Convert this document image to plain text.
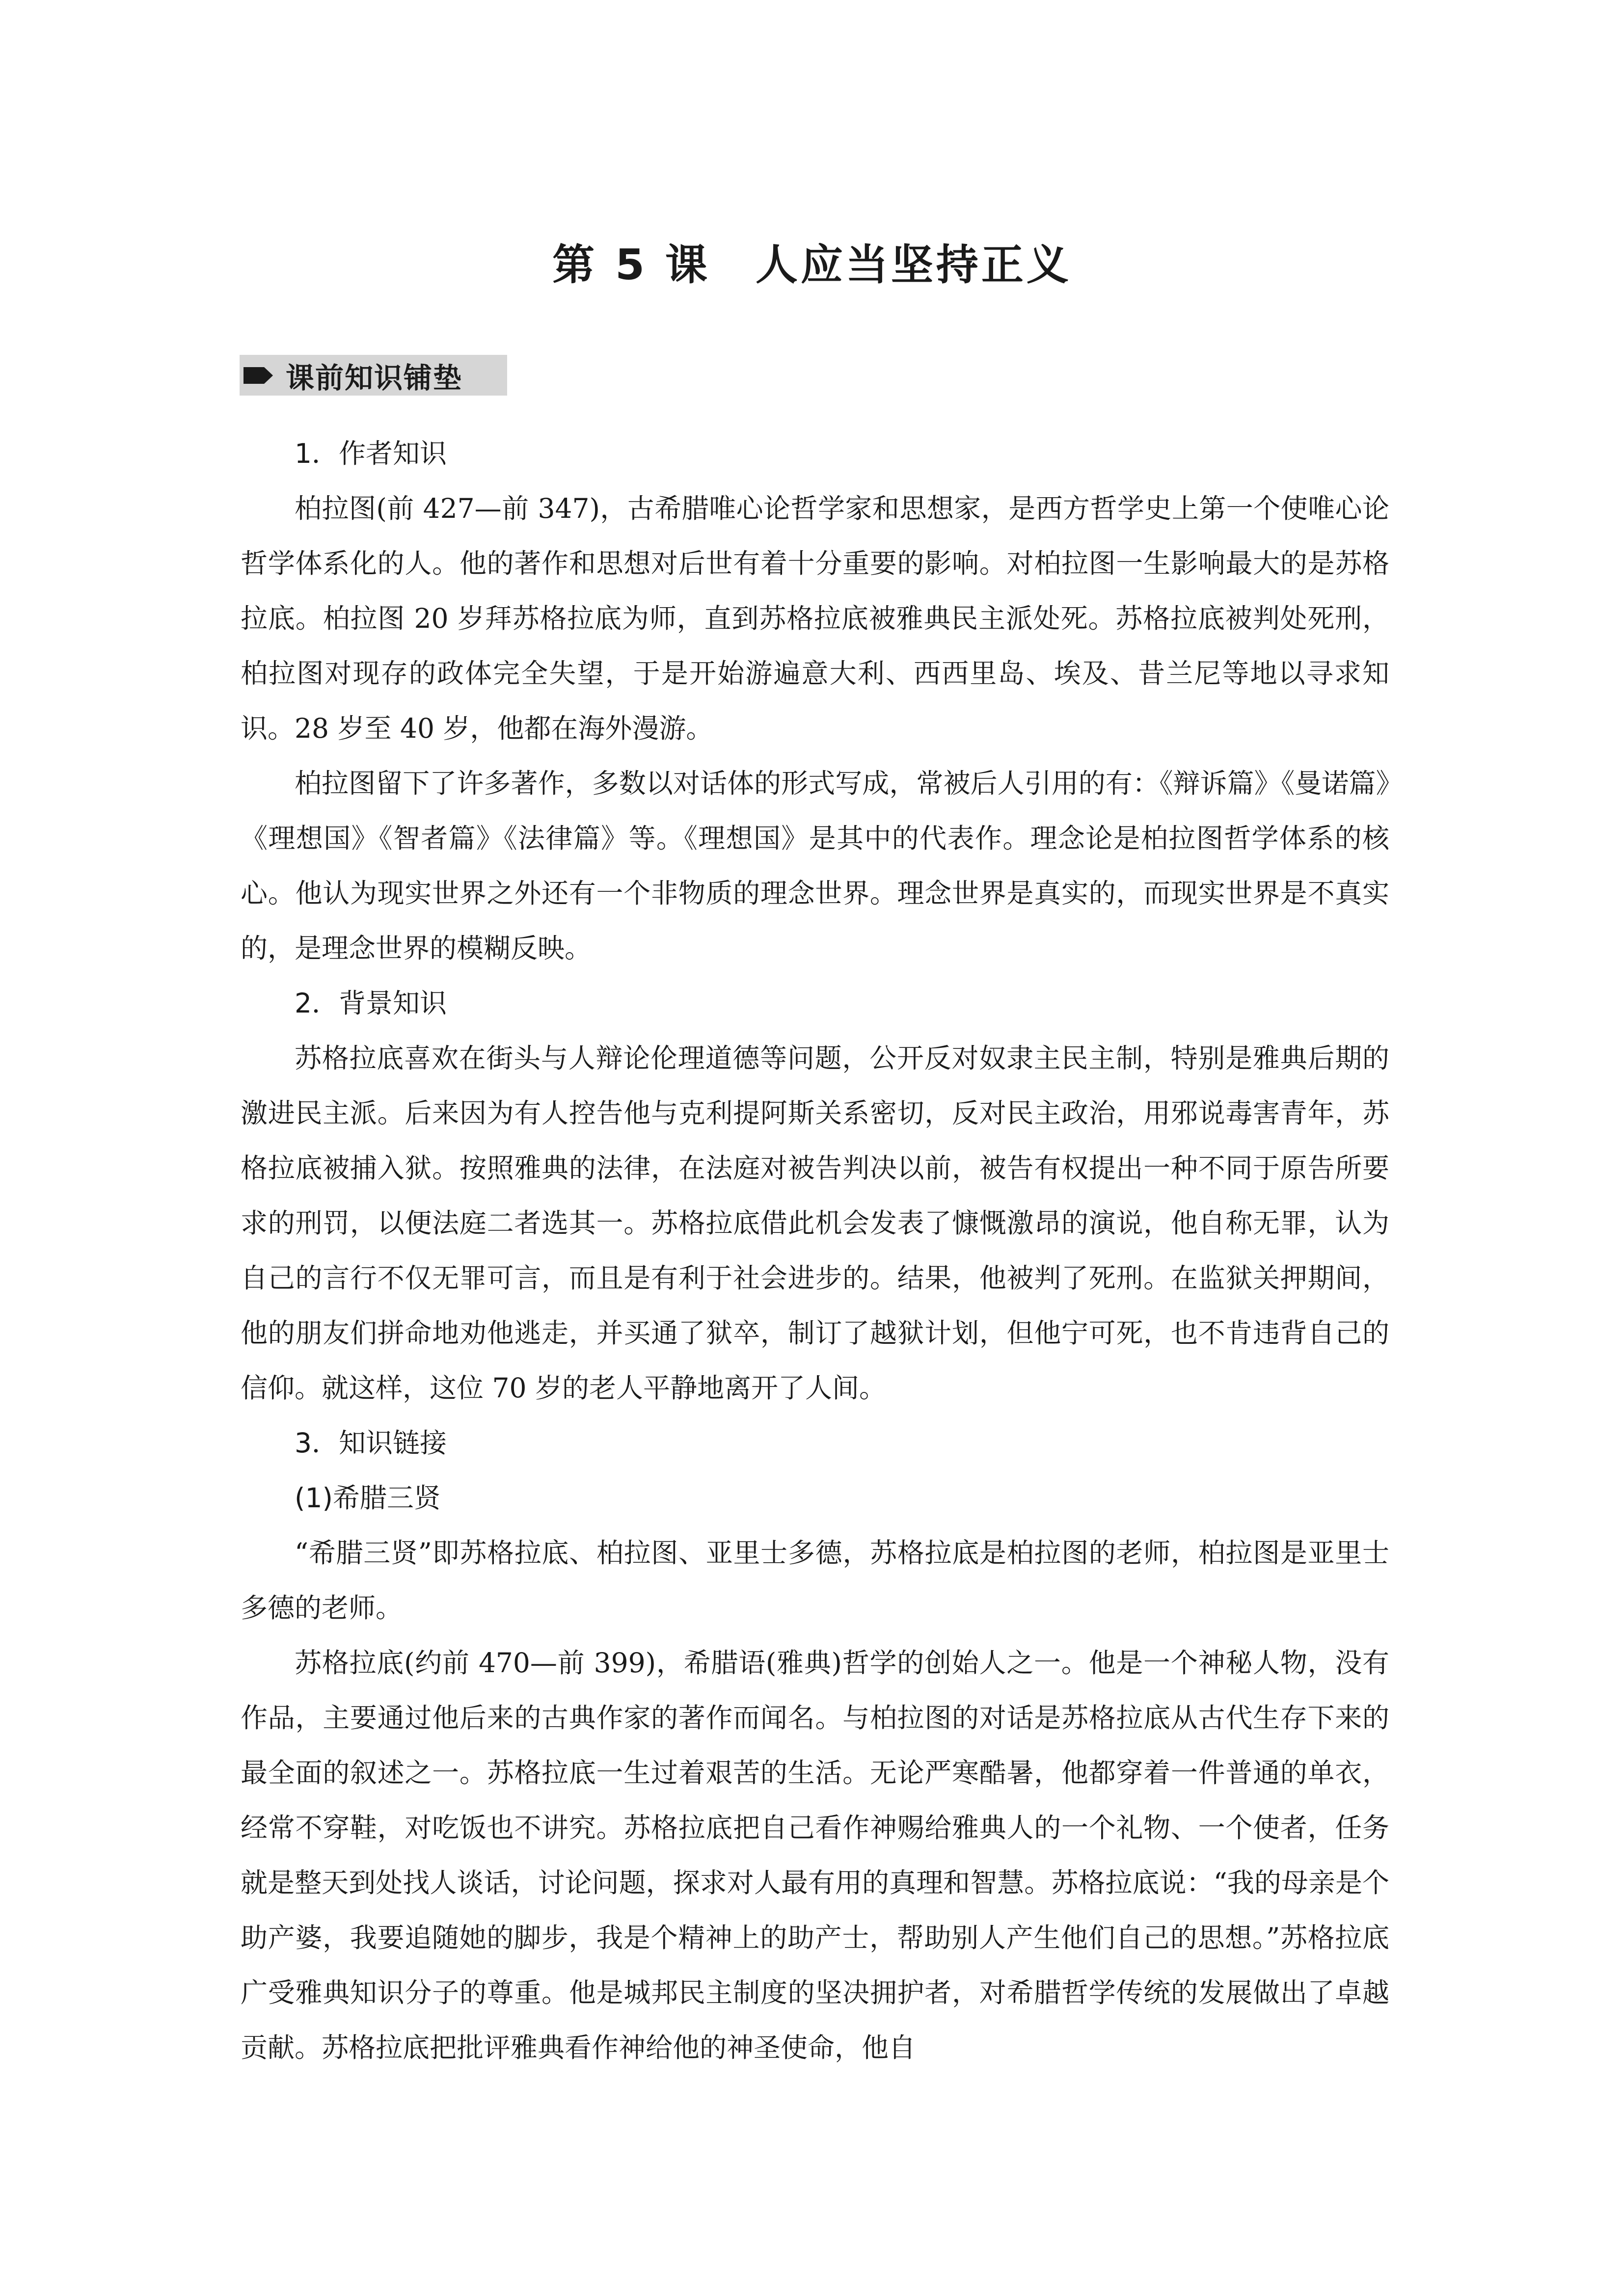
第 5 课　人应当坚持正义
课前知识铺垫

1．作者知识

柏拉图(前 427—前 347)，古希腊唯心论哲学家和思想家，是西方哲学史上第一个使唯心论哲学体系化的人。他的著作和思想对后世有着十分重要的影响。对柏拉图一生影响最大的是苏格拉底。柏拉图 20 岁拜苏格拉底为师，直到苏格拉底被雅典民主派处死。苏格拉底被判处死刑，柏拉图对现存的政体完全失望，于是开始游遍意大利、西西里岛、埃及、昔兰尼等地以寻求知识。28 岁至 40 岁，他都在海外漫游。

柏拉图留下了许多著作，多数以对话体的形式写成，常被后人引用的有：《辩诉篇》《曼诺篇》《理想国》《智者篇》《法律篇》等。《理想国》是其中的代表作。理念论是柏拉图哲学体系的核心。他认为现实世界之外还有一个非物质的理念世界。理念世界是真实的，而现实世界是不真实的，是理念世界的模糊反映。

2．背景知识

苏格拉底喜欢在街头与人辩论伦理道德等问题，公开反对奴隶主民主制，特别是雅典后期的激进民主派。后来因为有人控告他与克利提阿斯关系密切，反对民主政治，用邪说毒害青年，苏格拉底被捕入狱。按照雅典的法律，在法庭对被告判决以前，被告有权提出一种不同于原告所要求的刑罚，以便法庭二者选其一。苏格拉底借此机会发表了慷慨激昂的演说，他自称无罪，认为自己的言行不仅无罪可言，而且是有利于社会进步的。结果，他被判了死刑。在监狱关押期间，他的朋友们拼命地劝他逃走，并买通了狱卒，制订了越狱计划，但他宁可死，也不肯违背自己的信仰。就这样，这位 70 岁的老人平静地离开了人间。

3．知识链接

(1)希腊三贤

“希腊三贤”即苏格拉底、柏拉图、亚里士多德，苏格拉底是柏拉图的老师，柏拉图是亚里士多德的老师。

苏格拉底(约前 470—前 399)，希腊语(雅典)哲学的创始人之一。他是一个神秘人物，没有作品，主要通过他后来的古典作家的著作而闻名。与柏拉图的对话是苏格拉底从古代生存下来的最全面的叙述之一。苏格拉底一生过着艰苦的生活。无论严寒酷暑，他都穿着一件普通的单衣，经常不穿鞋，对吃饭也不讲究。苏格拉底把自己看作神赐给雅典人的一个礼物、一个使者，任务就是整天到处找人谈话，讨论问题，探求对人最有用的真理和智慧。苏格拉底说：“我的母亲是个助产婆，我要追随她的脚步，我是个精神上的助产士，帮助别人产生他们自己的思想。”苏格拉底广受雅典知识分子的尊重。他是城邦民主制度的坚决拥护者，对希腊哲学传统的发展做出了卓越贡献。苏格拉底把批评雅典看作神给他的神圣使命，他自
